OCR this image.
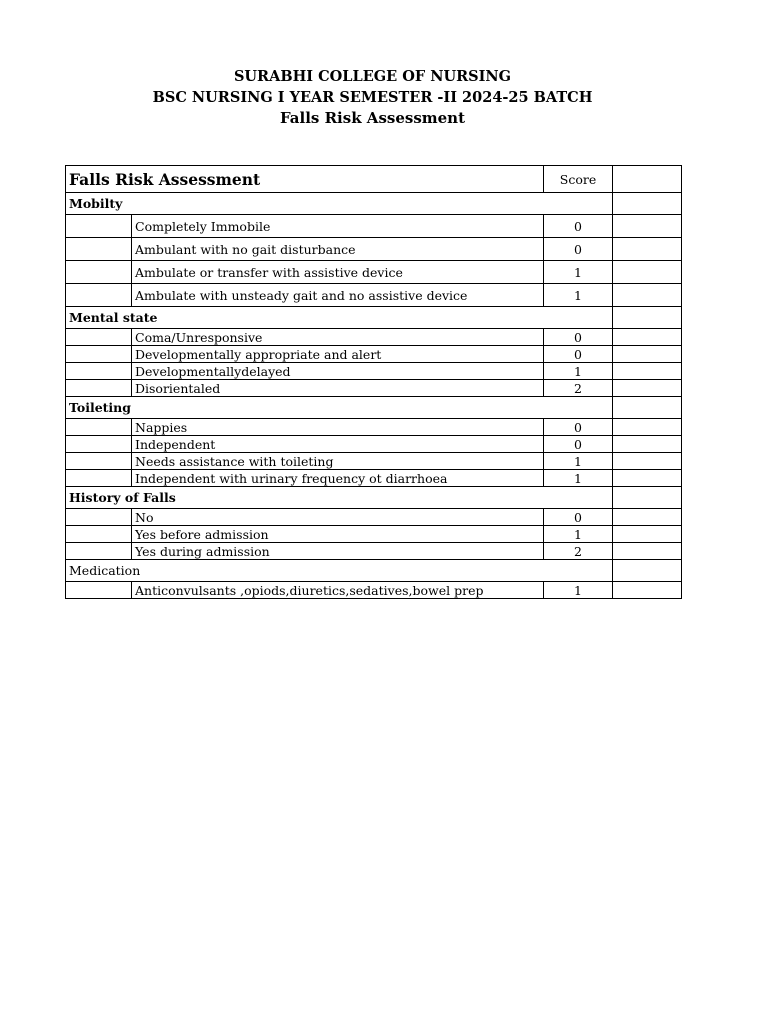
SURABHI COLLEGE OF NURSING
BSC NURSING I YEAR SEMESTER -II 2024-25 BATCH
Falls Risk Assessment
Falls Risk Assessment		Score	
Mobilty			
	Completely Immobile	0	
	Ambulant with no gait disturbance	0	
	Ambulate or transfer with assistive device	1	
	Ambulate with unsteady gait and no assistive device	1	
Mental state			
	Coma/Unresponsive	0	
	Developmentally appropriate and alert	0	
	Developmentallydelayed	1	
	Disorientaled	2	
Toileting			
	Nappies	0	
	Independent	0	
	Needs assistance with toileting	1	
	Independent with urinary frequency ot diarrhoea	1	
History of Falls			
	No	0	
	Yes before admission	1	
	Yes during admission	2	
Medication			
	Anticonvulsants ,opiods,diuretics,sedatives,bowel prep	1	
